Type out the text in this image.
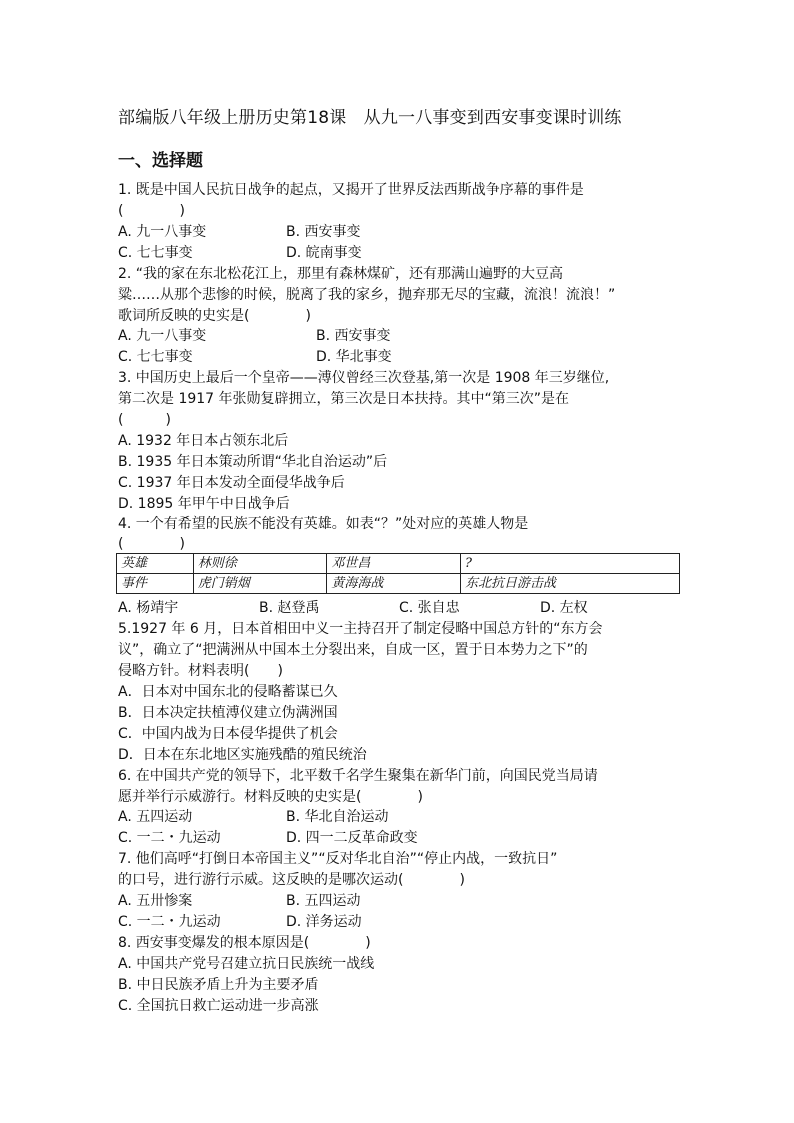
部编版八年级上册历史第18课　从九一八事变到西安事变课时训练
一、选择题
1. 既是中国人民抗日战争的起点，又揭开了世界反法西斯战争序幕的事件是
(　　　　)
A. 九一八事变	B. 西安事变
C. 七七事变	D. 皖南事变
2. “我的家在东北松花江上，那里有森林煤矿，还有那满山遍野的大豆高
粱……从那个悲惨的时候，脱离了我的家乡，抛弃那无尽的宝藏，流浪！流浪！”
歌词所反映的史实是(　　　　)
A. 九一八事变	B. 西安事变
C. 七七事变	D. 华北事变
3. 中国历史上最后一个皇帝——溥仪曾经三次登基,第一次是 1908 年三岁继位,
第二次是 1917 年张勋复辟拥立，第三次是日本扶持。其中“第三次”是在
(　　　)
A. 1932 年日本占领东北后
B. 1935 年日本策动所谓“华北自治运动”后
C. 1937 年日本发动全面侵华战争后
D. 1895 年甲午中日战争后
4. 一个有希望的民族不能没有英雄。如表“？”处对应的英雄人物是
(　　　　)
英雄	林则徐	邓世昌	?
事件	虎门销烟	黄海海战	东北抗日游击战
A. 杨靖宇	B. 赵登禹	C. 张自忠	D. 左权
5.1927 年 6 月，日本首相田中义一主持召开了制定侵略中国总方针的“东方会
议”，确立了“把满洲从中国本土分裂出来，自成一区，置于日本势力之下”的
侵略方针。材料表明(　　)
A．日本对中国东北的侵略蓄谋已久
B．日本决定扶植溥仪建立伪满洲国
C．中国内战为日本侵华提供了机会
D．日本在东北地区实施残酷的殖民统治
6. 在中国共产党的领导下，北平数千名学生聚集在新华门前，向国民党当局请
愿并举行示威游行。材料反映的史实是(　　　　)
A. 五四运动	B. 华北自治运动
C. 一二・九运动	D. 四一二反革命政变
7. 他们高呼“打倒日本帝国主义”“反对华北自治”“停止内战，一致抗日”
的口号，进行游行示威。这反映的是哪次运动(　　　　)
A. 五卅惨案	B. 五四运动
C. 一二・九运动	D. 洋务运动
8. 西安事变爆发的根本原因是(　　　　)
A. 中国共产党号召建立抗日民族统一战线
B. 中日民族矛盾上升为主要矛盾
C. 全国抗日救亡运动进一步高涨
